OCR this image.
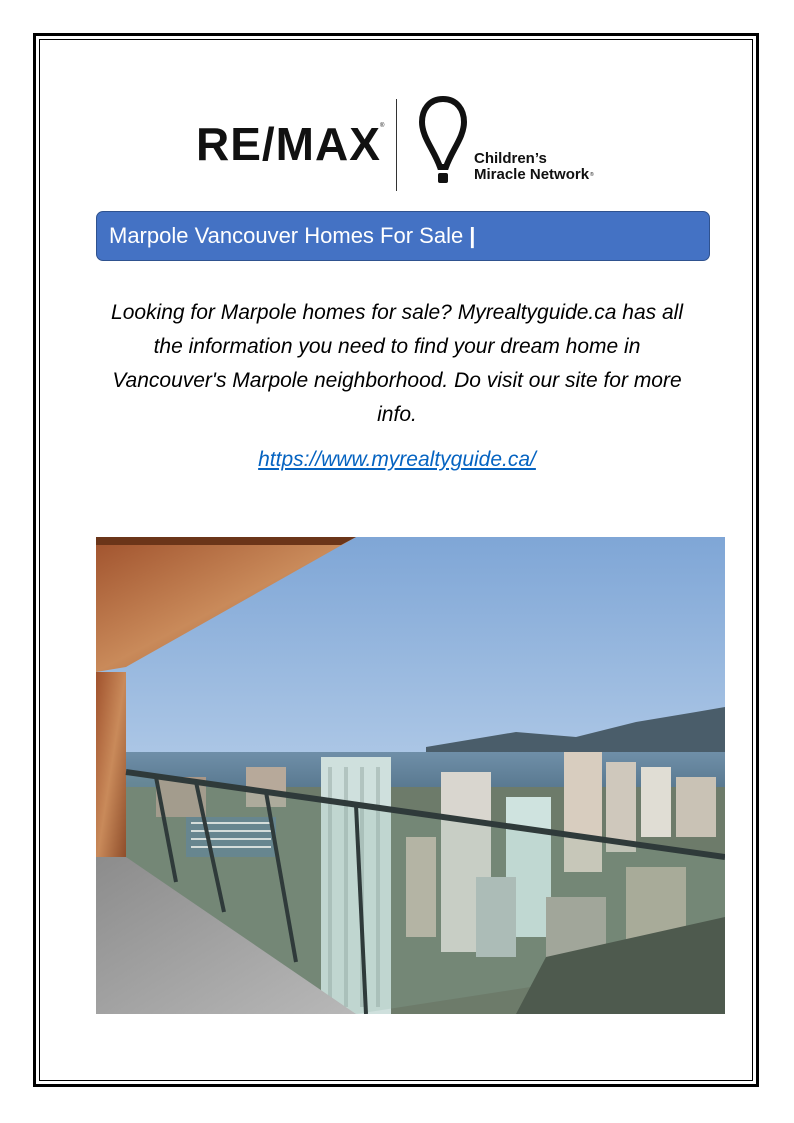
RE/MAX ®
Children’s
Miracle Network ®
Marpole Vancouver Homes For Sale |
Looking for Marpole homes for sale? Myrealtyguide.ca has all the information you need to find your dream home in Vancouver's Marpole neighborhood. Do visit our site for more info.
https://www.myrealtyguide.ca/
